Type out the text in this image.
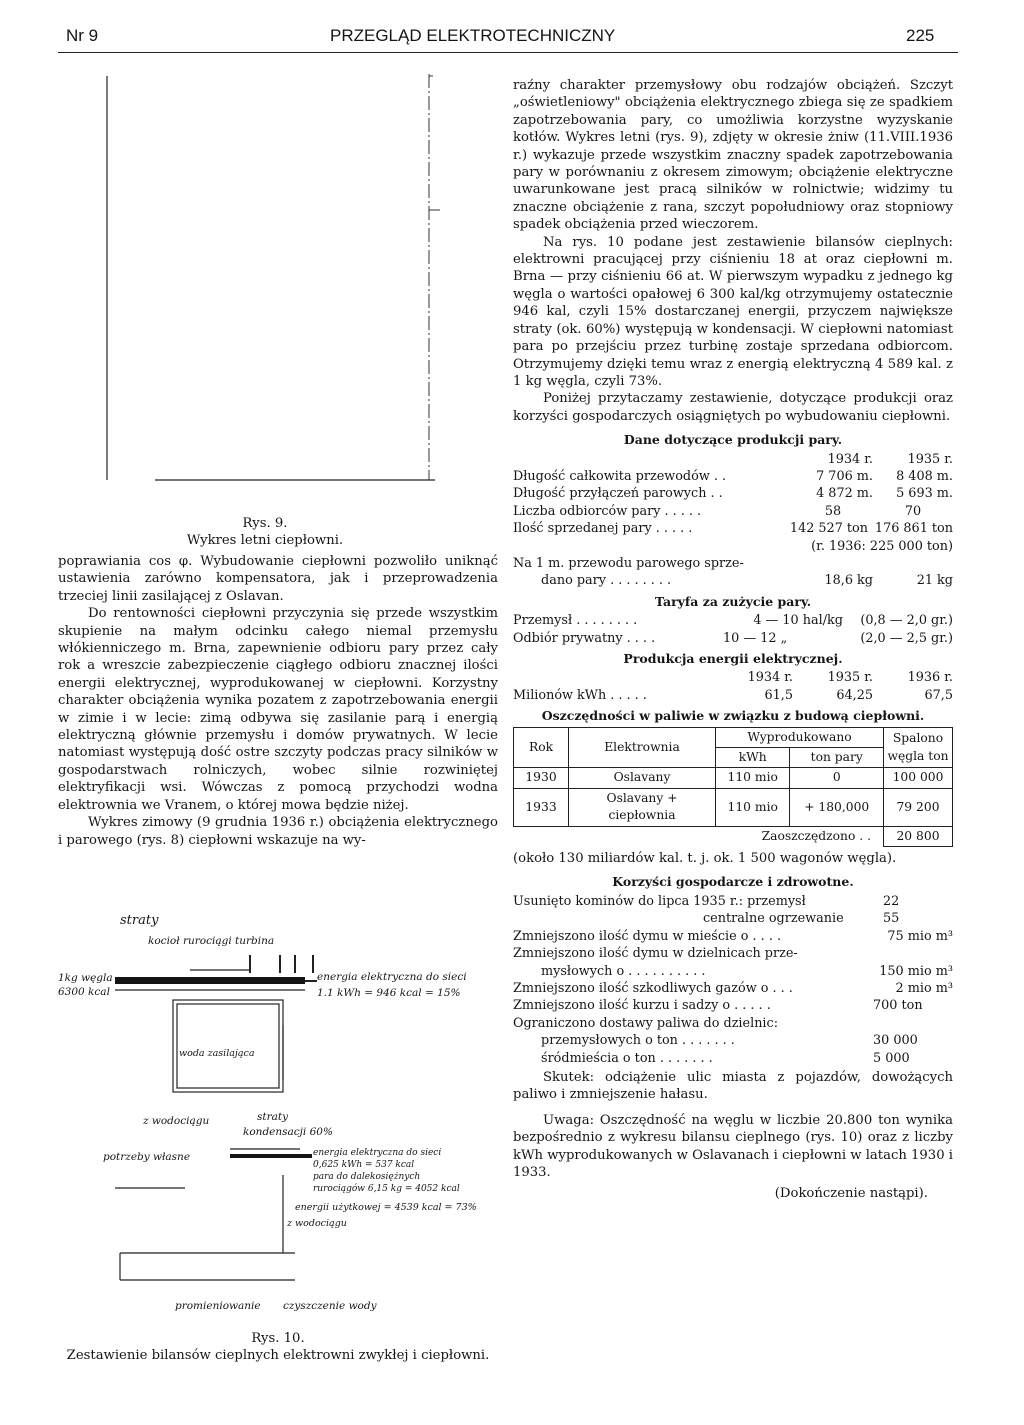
Nr 9	PRZEGLĄD ELEKTROTECHNICZNY	225
Rys. 9.
Wykres letni ciepłowni.

poprawiania cos φ. Wybudowanie ciepłowni pozwoliło uniknąć ustawienia zarówno kompensatora, jak i przeprowadzenia trzeciej linii zasilającej z Oslavan.

Do rentowności ciepłowni przyczynia się przede wszystkim skupienie na małym odcinku całego niemal przemysłu włókienniczego m. Brna, zapewnienie odbioru pary przez cały rok a wreszcie zabezpieczenie ciągłego odbioru znacznej ilości energii elektrycznej, wyprodukowanej w ciepłowni. Korzystny charakter obciążenia wynika pozatem z zapotrzebowania energii w zimie i w lecie: zimą odbywa się zasilanie parą i energią elektryczną głównie przemysłu i domów prywatnych. W lecie natomiast występują dość ostre szczyty podczas pracy silników w gospodarstwach rolniczych, wobec silnie rozwiniętej elektryfikacji wsi. Wówczas z pomocą przychodzi wodna elektrownia we Vranem, o której mowa będzie niżej.

Wykres zimowy (9 grudnia 1936 r.) obciążenia elektrycznego i parowego (rys. 8) ciepłowni wskazuje na wy-

straty
kocioł rurociągi turbina
1kg węgla
6300 kcal
energia elektryczna do sieci
1.1 kWh = 946 kcal = 15%
woda zasilająca
z wodociągu	straty
kondensacji 60%
potrzeby własne	energia elektryczna do sieci
0,625 kWh = 537 kcal
para do dalekosiężnych
rurociągów 6,15 kg = 4052 kcal
energii użytkowej = 4539 kcal = 73%
z wodociągu
promieniowanie czyszczenie wody
Rys. 10.
Zestawienie bilansów cieplnych elektrowni zwykłej i ciepłowni.

raźny charakter przemysłowy obu rodzajów obciążeń. Szczyt „oświetleniowy" obciążenia elektrycznego zbiega się ze spadkiem zapotrzebowania pary, co umożliwia korzystne wyzyskanie kotłów. Wykres letni (rys. 9), zdjęty w okresie żniw (11.VIII.1936 r.) wykazuje przede wszystkim znaczny spadek zapotrzebowania pary w porównaniu z okresem zimowym; obciążenie elektryczne uwarunkowane jest pracą silników w rolnictwie; widzimy tu znaczne obciążenie z rana, szczyt popołudniowy oraz stopniowy spadek obciążenia przed wieczorem.

Na rys. 10 podane jest zestawienie bilansów cieplnych: elektrowni pracującej przy ciśnieniu 18 at oraz ciepłowni m. Brna — przy ciśnieniu 66 at. W pierwszym wypadku z jednego kg węgla o wartości opałowej 6 300 kal/kg otrzymujemy ostatecznie 946 kal, czyli 15% dostarczanej energii, przyczem największe straty (ok. 60%) występują w kondensacji. W ciepłowni natomiast para po przejściu przez turbinę zostaje sprzedana odbiorcom. Otrzymujemy dzięki temu wraz z energią elektryczną 4 589 kal. z 1 kg węgla, czyli 73%.

Poniżej przytaczamy zestawienie, dotyczące produkcji oraz korzyści gospodarczych osiągniętych po wybudowaniu ciepłowni.

Dane dotyczące produkcji pary.
1934 r.	1935 r.
Długość całkowita przewodów . .	7 706 m.	8 408 m.
Długość przyłączeń parowych . .	4 872 m.	5 693 m.
Liczba odbiorców pary . . . . .	58	70
Ilość sprzedanej pary . . . . .	142 527 ton 176 861 ton
(r. 1936: 225 000 ton)
Na 1 m. przewodu parowego sprze-
dano pary . . . . . . . .	18,6 kg	21 kg
Taryfa za zużycie pary.
Przemysł . . . . . . . .	4 — 10 hal/kg	(0,8 — 2,0 gr.)
Odbiór prywatny . . . .	10 — 12 „	(2,0 — 2,5 gr.)
Produkcja energii elektrycznej.
1934 r.	1935 r.	1936 r.
Milionów kWh . . . . .	61,5	64,25	67,5
Oszczędności w paliwie w związku z budową ciepłowni.
Rok	Elektrownia	Wyprodukowano		Spalono węgla ton
		kWh	ton pary	
1930	Oslavany	110 mio	0	100 000
1933	Oslavany + ciepłownia	110 mio	+ 180,000	79 200
Zaoszczędzono . .				20 800

(około 130 miliardów kal. t. j. ok. 1 500 wagonów węgla).

Korzyści gospodarcze i zdrowotne.
Usunięto kominów do lipca 1935 r.: przemysł	22
centralne ogrzewanie	55
Zmniejszono ilość dymu w mieście o . . . .	75 mio m³
Zmniejszono ilość dymu w dzielnicach prze-
mysłowych o . . . . . . . . . .	150 mio m³
Zmniejszono ilość szkodliwych gazów o . . .	2 mio m³
Zmniejszono ilość kurzu i sadzy o . . . . .	700 ton
Ograniczono dostawy paliwa do dzielnic:
przemysłowych o ton . . . . . . .	30 000
śródmieścia o ton . . . . . . .	5 000

Skutek: odciążenie ulic miasta z pojazdów, dowożących paliwo i zmniejszenie hałasu.

Uwaga: Oszczędność na węglu w liczbie 20.800 ton wynika bezpośrednio z wykresu bilansu cieplnego (rys. 10) oraz z liczby kWh wyprodukowanych w Oslavanach i ciepłowni w latach 1930 i 1933.

(Dokończenie nastąpi).
